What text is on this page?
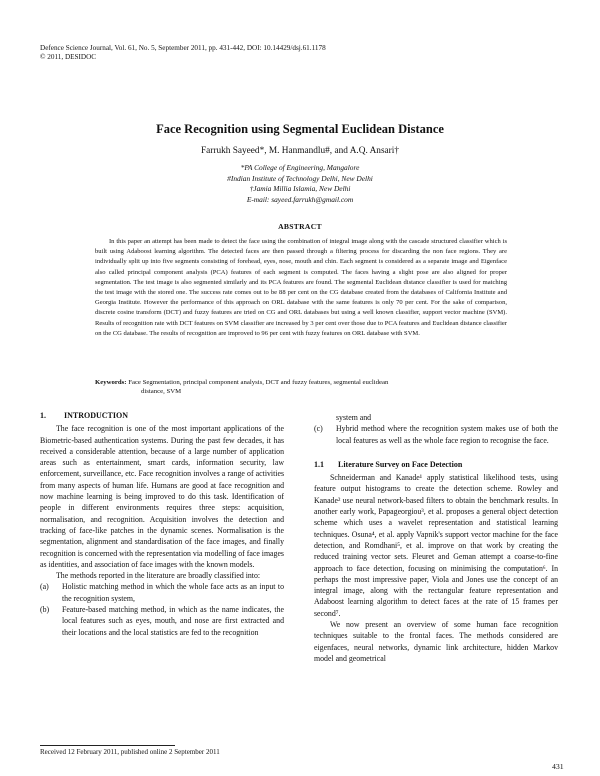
Defence Science Journal, Vol. 61, No. 5, September 2011, pp. 431-442, DOI: 10.14429/dsj.61.1178
© 2011, DESIDOC
Face Recognition using Segmental Euclidean Distance
Farrukh Sayeed*, M. Hanmandlu#, and A.Q. Ansari†
*PA College of Engineering, Mangalore
#Indian Institute of Technology Delhi, New Delhi
†Jamia Millia Islamia, New Delhi
E-mail: sayeed.farrukh@gmail.com
ABSTRACT
In this paper an attempt has been made to detect the face using the combination of integral image along with the cascade structured classifier which is built using Adaboost learning algorithm. The detected faces are then passed through a filtering process for discarding the non face regions. They are individually split up into five segments consisting of forehead, eyes, nose, mouth and chin. Each segment is considered as a separate image and Eigenface also called principal component analysis (PCA) features of each segment is computed. The faces having a slight pose are also aligned for proper segmentation. The test image is also segmented similarly and its PCA features are found. The segmental Euclidean distance classifier is used for matching the test image with the stored one. The success rate comes out to be 88 per cent on the CG database created from the databases of California Institute and Georgia Institute. However the performance of this approach on ORL database with the same features is only 70 per cent. For the sake of comparison, discrete cosine transform (DCT) and fuzzy features are tried on CG and ORL databases but using a well known classifier, support vector machine (SVM). Results of recognition rate with DCT features on SVM classifier are increased by 3 per cent over those due to PCA features and Euclidean distance classifier on the CG database. The results of recognition are improved to 96 per cent with fuzzy features on ORL database with SVM.
Keywords: Face Segmentation, principal component analysis, DCT and fuzzy features, segmental euclidean
distance, SVM
1. INTRODUCTION

The face recognition is one of the most important applications of the Biometric-based authentication systems. During the past few decades, it has received a considerable attention, because of a large number of application areas such as entertainment, smart cards, information security, law enforcement, surveillance, etc. Face recognition involves a range of activities from many aspects of human life. Humans are good at face recognition and now machine learning is being improved to do this task. Identification of people in different environments requires three steps: acquisition, normalisation, and recognition. Acquisition involves the detection and tracking of face-like patches in the dynamic scenes. Normalisation is the segmentation, alignment and standardisation of the face images, and finally recognition is concerned with the representation via modelling of face images as identities, and association of face images with the known models.

The methods reported in the literature are broadly classified into:

(a)	Holistic matching method in which the whole face acts as an input to the recognition system,
(b)	Feature-based matching method, in which as the name indicates, the local features such as eyes, mouth, and nose are first extracted and their locations and the local statistics are fed to the recognition
system and
(c)	Hybrid method where the recognition system makes use of both the local features as well as the whole face region to recognise the face.
1.1 Literature Survey on Face Detection

Schneiderman and Kanade¹ apply statistical likelihood tests, using feature output histograms to create the detection scheme. Rowley and Kanade² use neural network-based filters to obtain the benchmark results. In another early work, Papageorgiou³, et al. proposes a general object detection scheme which uses a wavelet representation and statistical learning techniques. Osuna⁴, et al. apply Vapnik's support vector machine for the face detection, and Romdhani⁵, et al. improve on that work by creating the reduced training vector sets. Fleuret and Geman attempt a coarse-to-fine approach to face detection, focusing on minimising the computation⁶. In perhaps the most impressive paper, Viola and Jones use the concept of an integral image, along with the rectangular feature representation and Adaboost learning algorithm to detect faces at the rate of 15 frames per second⁷.

We now present an overview of some human face recognition techniques suitable to the frontal faces. The methods considered are eigenfaces, neural networks, dynamic link architecture, hidden Markov model and geometrical

Received 12 February 2011, published online 2 September 2011
431
